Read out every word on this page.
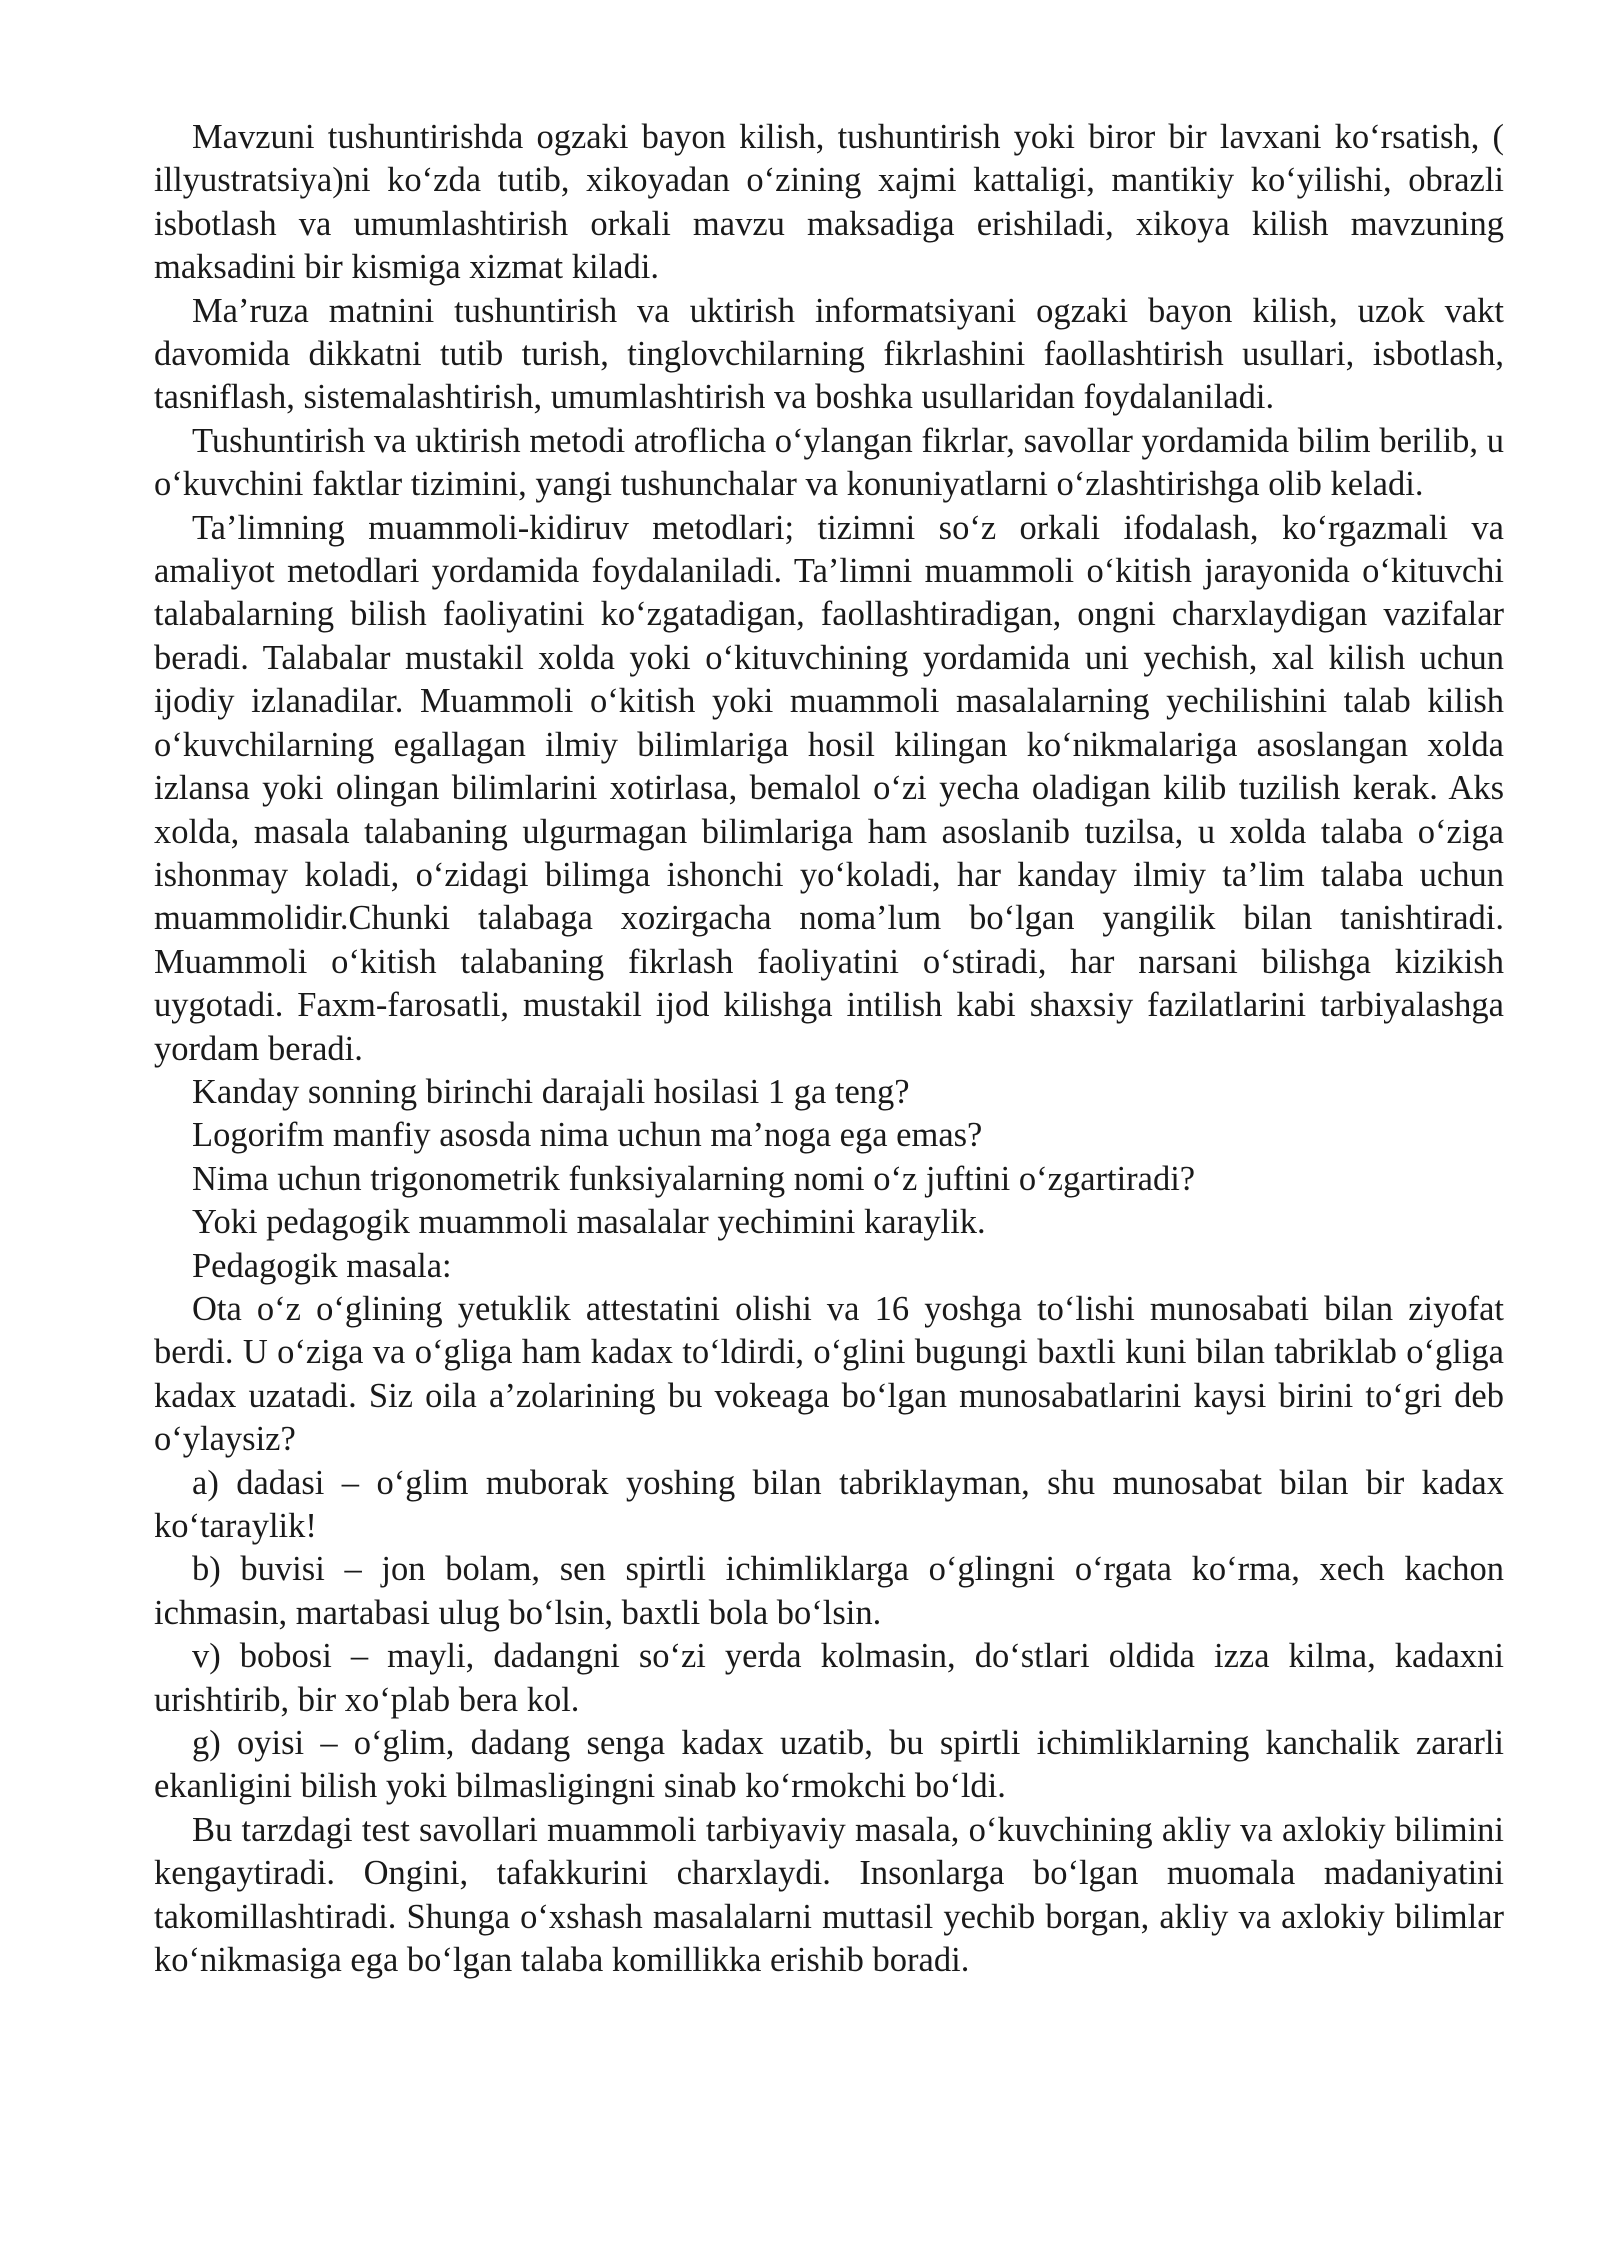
Mavzuni tushuntirishda ogzaki bayon kilish, tushuntirish yoki biror bir lavxani ko‘rsatish, ( illyustratsiya)ni ko‘zda tutib, xikoyadan o‘zining xajmi kattaligi, mantikiy ko‘yilishi, obrazli isbotlash va umumlashtirish orkali mavzu maksadiga erishiladi, xikoya kilish mavzuning maksadini bir kismiga xizmat kiladi.

Ma’ruza matnini tushuntirish va uktirish informatsiyani ogzaki bayon kilish, uzok vakt davomida dikkatni tutib turish, tinglovchilarning fikrlashini faollashtirish usullari, isbotlash, tasniflash, sistemalashtirish, umumlashtirish va boshka usullaridan foydalaniladi.

Tushuntirish va uktirish metodi atroflicha o‘ylangan fikrlar, savollar yordamida bilim berilib, u o‘kuvchini faktlar tizimini, yangi tushunchalar va konuniyatlarni o‘zlashtirishga olib keladi.

Ta’limning muammoli-kidiruv metodlari; tizimni so‘z orkali ifodalash, ko‘rgazmali va amaliyot metodlari yordamida foydalaniladi. Ta’limni muammoli o‘kitish jarayonida o‘kituvchi talabalarning bilish faoliyatini ko‘zgatadigan, faollashtiradigan, ongni charxlaydigan vazifalar beradi. Talabalar mustakil xolda yoki o‘kituvchining yordamida uni yechish, xal kilish uchun ijodiy izlanadilar. Muammoli o‘kitish yoki muammoli masalalarning yechilishini talab kilish o‘kuvchilarning egallagan ilmiy bilimlariga hosil kilingan ko‘nikmalariga asoslangan xolda izlansa yoki olingan bilimlarini xotirlasa, bemalol o‘zi yecha oladigan kilib tuzilish kerak. Aks xolda, masala talabaning ulgurmagan bilimlariga ham asoslanib tuzilsa, u xolda talaba o‘ziga ishonmay koladi, o‘zidagi bilimga ishonchi yo‘koladi, har kanday ilmiy ta’lim talaba uchun muammolidir.Chunki talabaga xozirgacha noma’lum bo‘lgan yangilik bilan tanishtiradi. Muammoli o‘kitish talabaning fikrlash faoliyatini o‘stiradi, har narsani bilishga kizikish uygotadi. Faxm-farosatli, mustakil ijod kilishga intilish kabi shaxsiy fazilatlarini tarbiyalashga yordam beradi.

Kanday sonning birinchi darajali hosilasi 1 ga teng?

Logorifm manfiy asosda nima uchun ma’noga ega emas?

Nima uchun trigonometrik funksiyalarning nomi o‘z juftini o‘zgartiradi?

Yoki pedagogik muammoli masalalar yechimini karaylik.

Pedagogik masala:

Ota o‘z o‘glining yetuklik attestatini olishi va 16 yoshga to‘lishi munosabati bilan ziyofat berdi. U o‘ziga va o‘gliga ham kadax to‘ldirdi, o‘glini bugungi baxtli kuni bilan tabriklab o‘gliga kadax uzatadi. Siz oila a’zolarining bu vokeaga bo‘lgan munosabatlarini kaysi birini to‘gri deb o‘ylaysiz?

a) dadasi – o‘glim muborak yoshing bilan tabriklayman, shu munosabat bilan bir kadax ko‘taraylik!

b) buvisi – jon bolam, sen spirtli ichimliklarga o‘glingni o‘rgata ko‘rma, xech kachon ichmasin, martabasi ulug bo‘lsin, baxtli bola bo‘lsin.

v) bobosi – mayli, dadangni so‘zi yerda kolmasin, do‘stlari oldida izza kilma, kadaxni urishtirib, bir xo‘plab bera kol.

g) oyisi – o‘glim, dadang senga kadax uzatib, bu spirtli ichimliklarning kanchalik zararli ekanligini bilish yoki bilmasligingni sinab ko‘rmokchi bo‘ldi.

Bu tarzdagi test savollari muammoli tarbiyaviy masala, o‘kuvchining akliy va axlokiy bilimini kengaytiradi. Ongini, tafakkurini charxlaydi. Insonlarga bo‘lgan muomala madaniyatini takomillashtiradi. Shunga o‘xshash masalalarni muttasil yechib borgan, akliy va axlokiy bilimlar ko‘nikmasiga ega bo‘lgan talaba komillikka erishib boradi.
